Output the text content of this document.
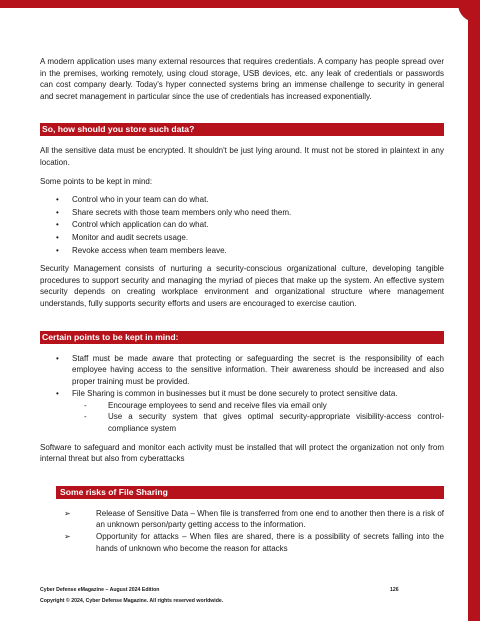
A modern application uses many external resources that requires credentials. A company has people spread over in the premises, working remotely, using cloud storage, USB devices, etc. any leak of credentials or passwords can cost company dearly. Today's hyper connected systems bring an immense challenge to security in general and secret management in particular since the use of credentials has increased exponentially.

So, how should you store such data?

All the sensitive data must be encrypted. It shouldn't be just lying around. It must not be stored in plaintext in any location.

Some points to be kept in mind:

• Control who in your team can do what.
• Share secrets with those team members only who need them.
• Control which application can do what.
• Monitor and audit secrets usage.
• Revoke access when team members leave.

Security Management consists of nurturing a security-conscious organizational culture, developing tangible procedures to support security and managing the myriad of pieces that make up the system. An effective system security depends on creating workplace environment and organizational structure where management understands, fully supports security efforts and users are encouraged to exercise caution.

Certain points to be kept in mind:
• Staff must be made aware that protecting or safeguarding the secret is the responsibility of each employee having access to the sensitive information. Their awareness should be increased and also proper training must be provided.
• File Sharing is common in businesses but it must be done securely to protect sensitive data.
-	Encourage employees to send and receive files via email only
-	Use a security system that gives optimal security-appropriate visibility-access control-compliance system

Software to safeguard and monitor each activity must be installed that will protect the organization not only from internal threat but also from cyberattacks

Some risks of File Sharing
➢	Release of Sensitive Data – When file is transferred from one end to another then there is a risk of an unknown person/party getting access to the information.
➢	Opportunity for attacks – When files are shared, there is a possibility of secrets falling into the hands of unknown who become the reason for attacks
Cyber Defense eMagazine – August 2024 Edition	126
Copyright © 2024, Cyber Defense Magazine. All rights reserved worldwide.
